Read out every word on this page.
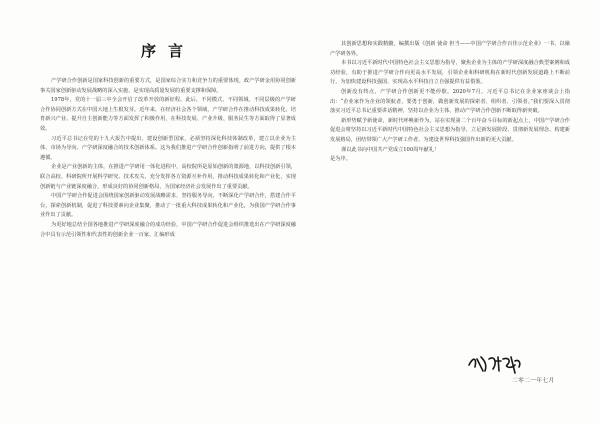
序言

产学研合作创新是国家科技创新的重要方式，是国家综合实力和竞争力的重要体现。政产学研金用协同创新事关国家创新驱动发展战略的深入实施，是实现高质量发展的重要支撑和保障。

1978年，党的十一届三中全会开启了改革开放的新征程。此后，不同模式、不同领域、不同层级的产学研合作协同创新方式在中国大地上生根发芽。近年来，在经济社会各个领域，产学研合作在推动科技成果转化、培育新兴产业、提升自主创新能力等方面发挥了积极作用，在科技发展、产业升级、服务民生等方面取得了显著成效。

习近平总书记在党的十九大报告中提出，建设创新型国家，必须坚持深化科技体制改革，建立以企业为主体、市场为导向、产学研深度融合的技术创新体系。这为我们推进产学研合作创新指明了前进方向，提供了根本遵循。

企业是产业创新的主体，在推进产学研用一体化进程中，高校院所是原始创新的策源地，以科技创新引领，联合高校、科研院所开展科学研究、技术攻关、充分发挥各方资源互补作用，推动科技成果转化和产业化，实现创新链与产业链深度融合，形成良好的协同创新格局，为国家经济社会发展作出了重要贡献。

中国产学研合作促进会围绕国家创新驱动发展战略需求，坚持服务导向，不断深化产学研合作，搭建合作平台，探索创新机制，促进了科技要素向企业集聚，推动了一批重大科技成果转化和产业化，为我国产学研合作事业作出了贡献。

为更好地总结全国各地推进产学研深度融合的成功经验，中国产学研合作促进会组织推选出在产学研深度融合中具有示范引领性和代表性的创新企业一百家、汇编形成

其创新思想和实践精髓，编撰出版《创新 使命 担当——中国产学研合作百佳示范企业》一书，以飨产学研各界。

本书以习近平新时代中国特色社会主义思想为指导，聚焦企业为主体的产学研深度融合典型案例和成功经验，有助于推进产学研合作向更高水平发展，引领企业和科研机构在新时代创新发展道路上不断前行，为加快建设科技强国、实现高水平科技自立自强提供有益借鉴。

创新没有终点，产学研合作创新更不能停歇。2020年7月，习近平总书记在企业家座谈会上指出：“企业家作为企业的领航者，要勇于创新，做创新发展的探索者、组织者、引领者。”我们要深入贯彻落实习近平总书记重要讲话精神，坚持以企业为主体，推动产学研合作创新不断取得新突破。

新形势赋予新使命，新时代呼唤新作为。站在实现第二个百年奋斗目标的新起点上，中国产学研合作促进会将坚持以习近平新时代中国特色社会主义思想为指导，立足新发展阶段、贯彻新发展理念、构建新发展格局，团结带领广大产学研工作者，为建设世界科技强国作出新的更大贡献。

谨以此书向中国共产党成立100周年献礼！

是为序。

二零二一年七月
